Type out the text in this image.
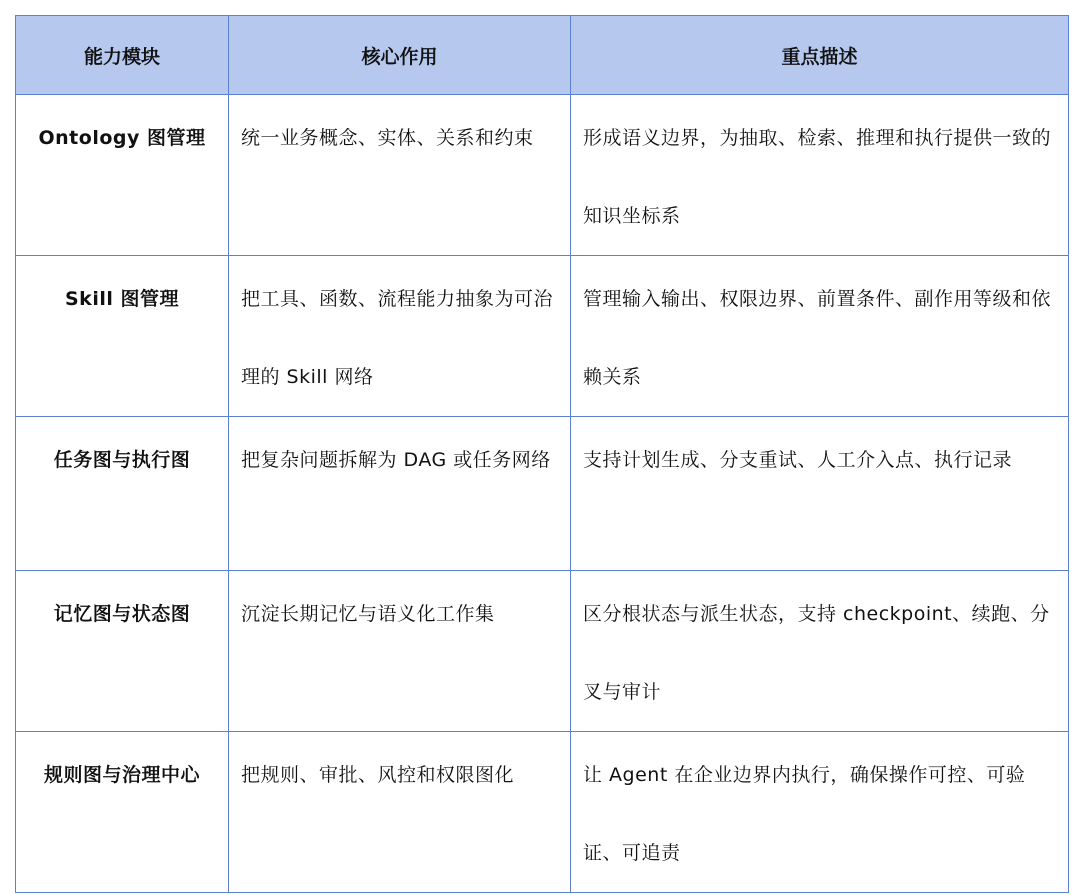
能力模块	核心作用	重点描述

Ontology 图管理	统一业务概念、实体、关系和约束	形成语义边界，为抽取、检索、推理和执行提供一致的知识坐标系

Skill 图管理	把工具、函数、流程能力抽象为可治理的 Skill 网络	管理输入输出、权限边界、前置条件、副作用等级和依赖关系

任务图与执行图	把复杂问题拆解为 DAG 或任务网络	支持计划生成、分支重试、人工介入点、执行记录

记忆图与状态图	沉淀长期记忆与语义化工作集	区分根状态与派生状态，支持 checkpoint、续跑、分叉与审计

规则图与治理中心	把规则、审批、风控和权限图化	让 Agent 在企业边界内执行，确保操作可控、可验证、可追责
